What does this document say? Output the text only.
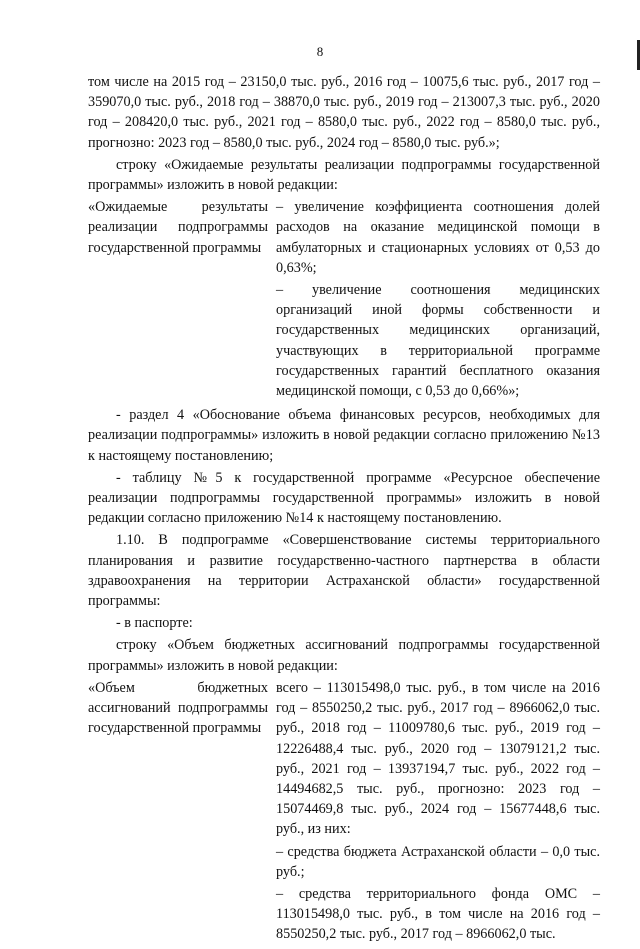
8

том числе на 2015 год – 23150,0 тыс. руб., 2016 год – 10075,6 тыс. руб., 2017 год – 359070,0 тыс. руб., 2018 год – 38870,0 тыс. руб., 2019 год – 213007,3 тыс. руб., 2020 год – 208420,0 тыс. руб., 2021 год – 8580,0 тыс. руб., 2022 год – 8580,0 тыс. руб., прогнозно: 2023 год – 8580,0 тыс. руб., 2024 год – 8580,0 тыс. руб.»;

строку «Ожидаемые результаты реализации подпрограммы государственной программы» изложить в новой редакции:

«Ожидаемые результаты реализации подпрограммы государственной программы

– увеличение коэффициента соотношения долей расходов на оказание медицинской помощи в амбулаторных и стационарных условиях от 0,53 до 0,63%;

– увеличение соотношения медицинских организаций иной формы собственности и государственных медицинских организаций, участвующих в территориальной программе государственных гарантий бесплатного оказания медицинской помощи, с 0,53 до 0,66%»;

- раздел 4 «Обоснование объема финансовых ресурсов, необходимых для реализации подпрограммы» изложить в новой редакции согласно приложению №13 к настоящему постановлению;

- таблицу №5 к государственной программе «Ресурсное обеспечение реализации подпрограммы государственной программы» изложить в новой редакции согласно приложению №14 к настоящему постановлению.

1.10. В подпрограмме «Совершенствование системы территориального планирования и развитие государственно-частного партнерства в области здравоохранения на территории Астраханской области» государственной программы:

- в паспорте:

строку «Объем бюджетных ассигнований подпрограммы государственной программы» изложить в новой редакции:

«Объем бюджетных ассигнований подпрограммы государственной программы

всего – 113015498,0 тыс. руб., в том числе на 2016 год – 8550250,2 тыс. руб., 2017 год – 8966062,0 тыс. руб., 2018 год – 11009780,6 тыс. руб., 2019 год – 12226488,4 тыс. руб., 2020 год – 13079121,2 тыс. руб., 2021 год – 13937194,7 тыс. руб., 2022 год – 14494682,5 тыс. руб., прогнозно: 2023 год – 15074469,8 тыс. руб., 2024 год – 15677448,6 тыс. руб., из них:

– средства бюджета Астраханской области – 0,0 тыс. руб.;

– средства территориального фонда ОМС – 113015498,0 тыс. руб., в том числе на 2016 год – 8550250,2 тыс. руб., 2017 год – 8966062,0 тыс.
